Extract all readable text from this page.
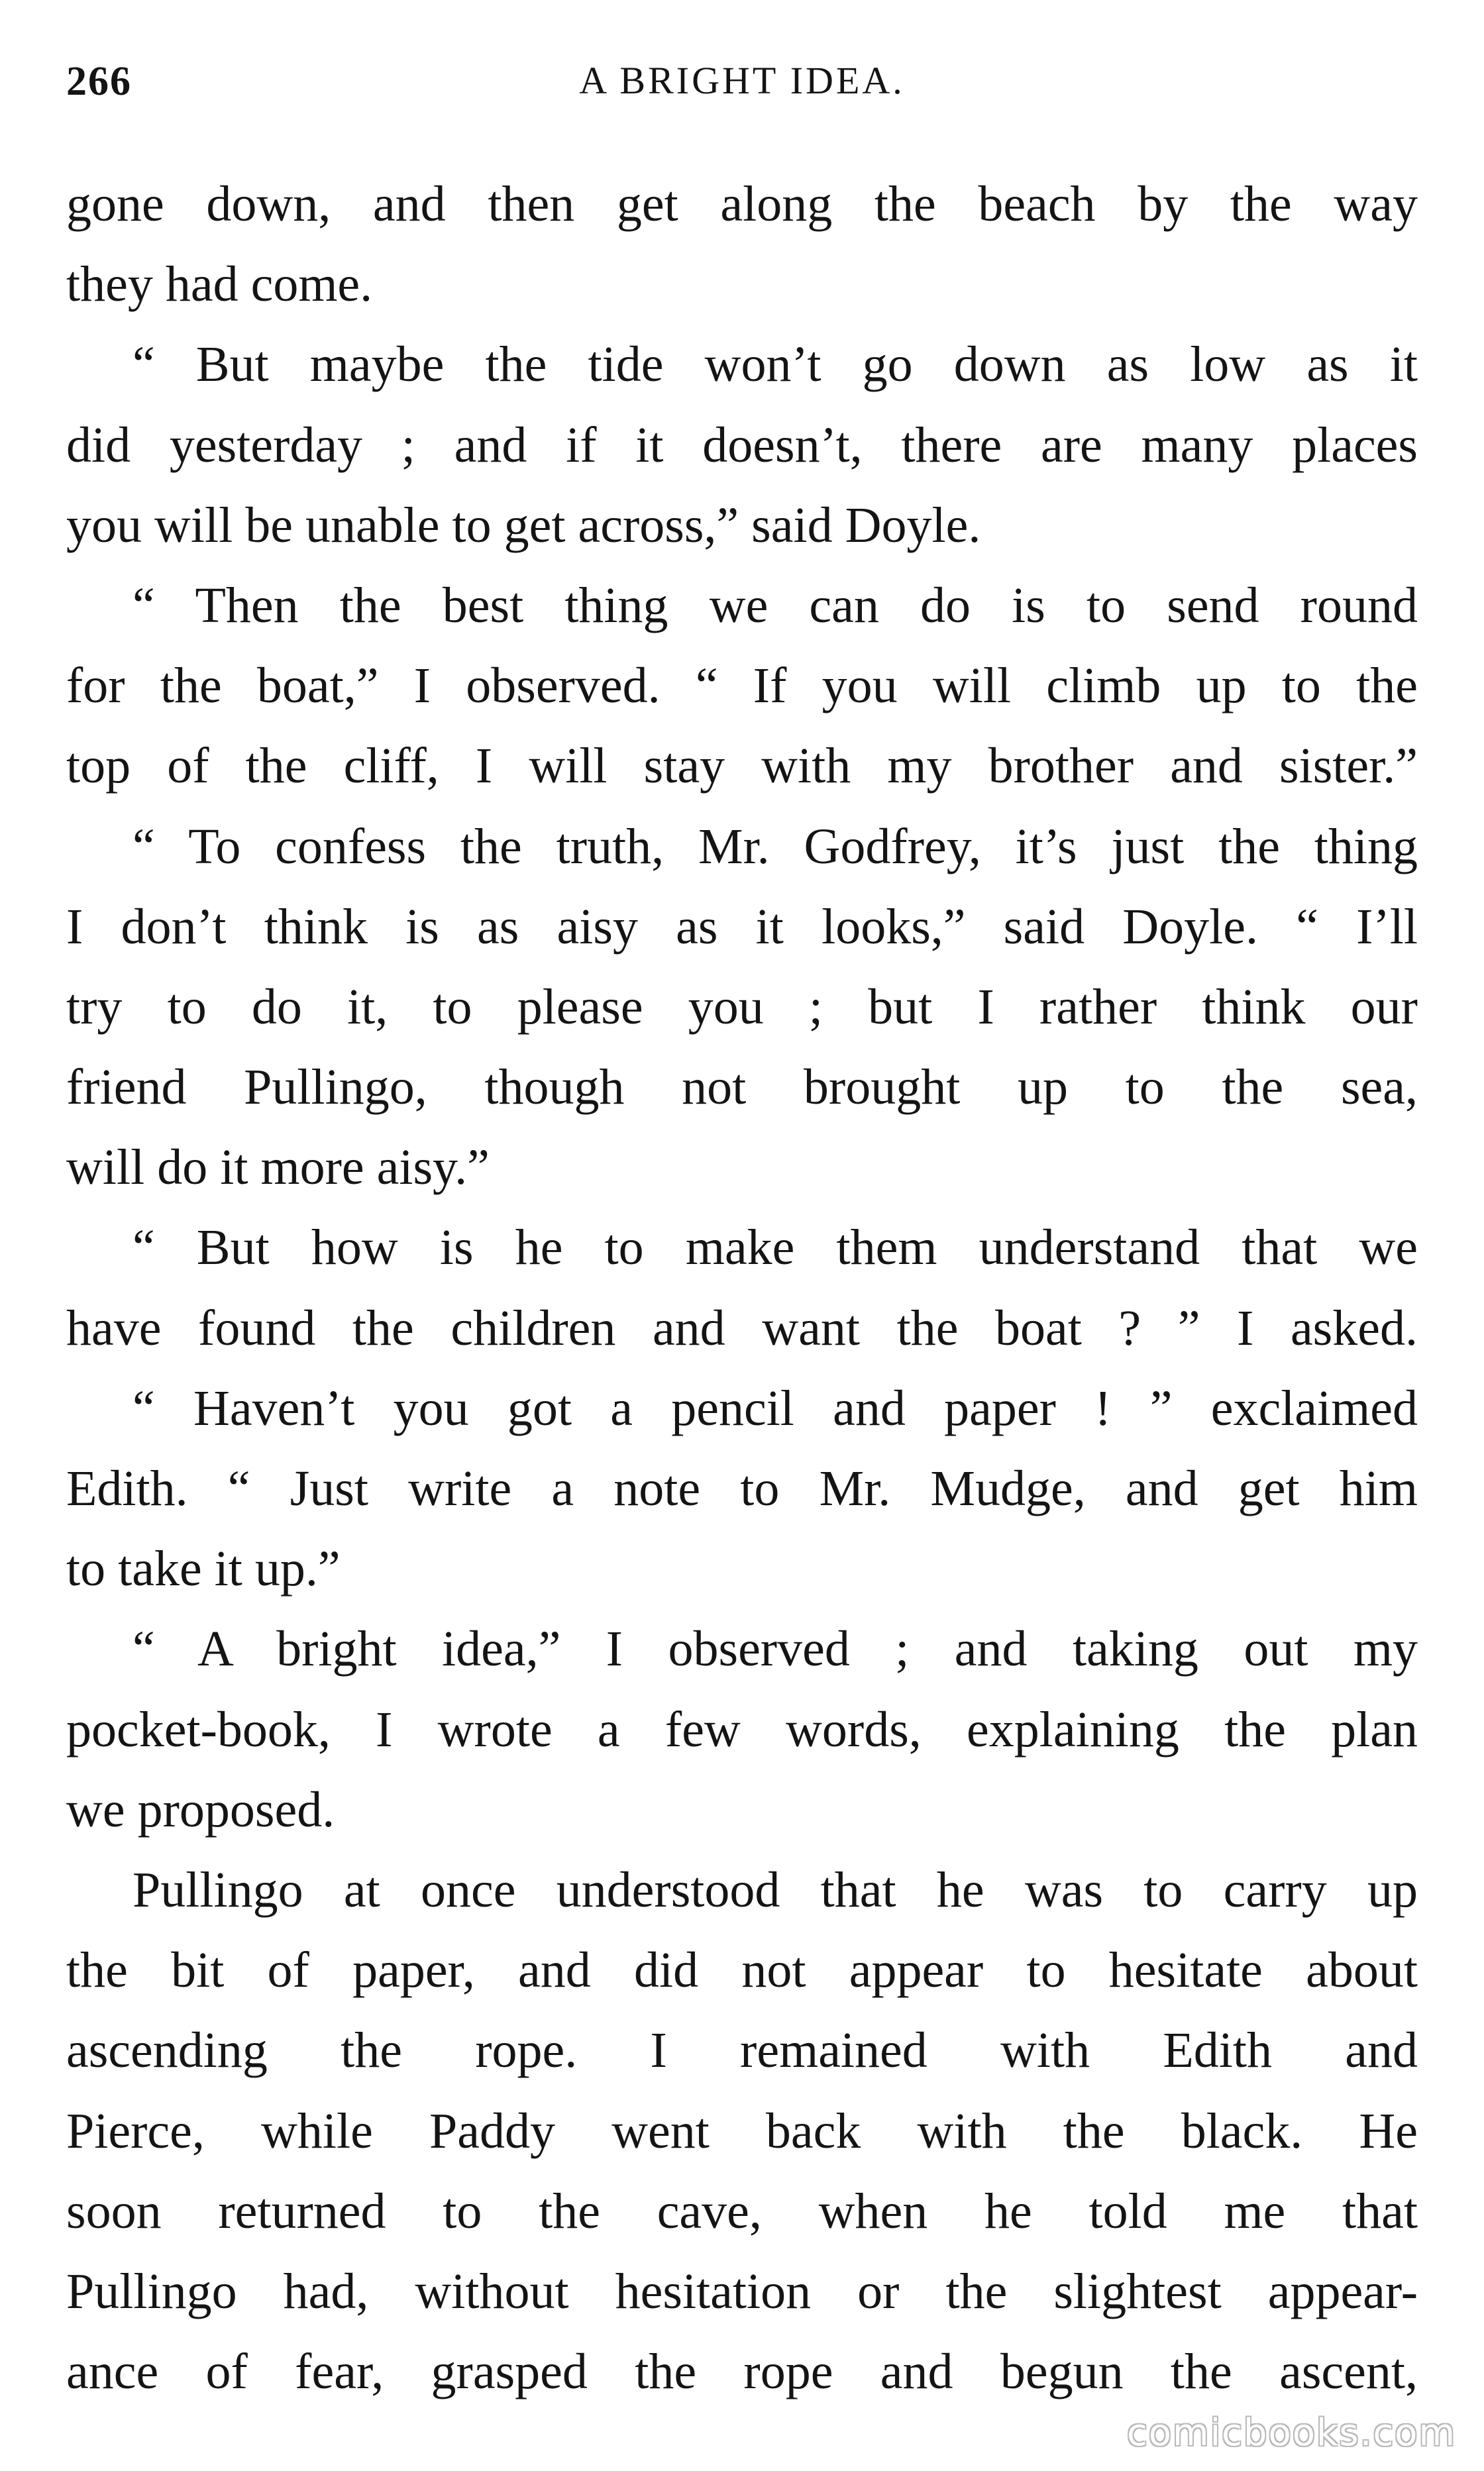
266	A BRIGHT IDEA.
gone down, and then get along the beach by the way
they had come.
“ But maybe the tide won’t go down as low as it
did yesterday ; and if it doesn’t, there are many places
you will be unable to get across,” said Doyle.
“ Then the best thing we can do is to send round
for the boat,” I observed. “ If you will climb up to the
top of the cliff, I will stay with my brother and sister.”
“ To confess the truth, Mr. Godfrey, it’s just the thing
I don’t think is as aisy as it looks,” said Doyle. “ I’ll
try to do it, to please you ; but I rather think our
friend Pullingo, though not brought up to the sea,
will do it more aisy.”
“ But how is he to make them understand that we
have found the children and want the boat ? ” I asked.
“ Haven’t you got a pencil and paper ! ” exclaimed
Edith. “ Just write a note to Mr. Mudge, and get him
to take it up.”
“ A bright idea,” I observed ; and taking out my
pocket-book, I wrote a few words, explaining the plan
we proposed.
Pullingo at once understood that he was to carry up
the bit of paper, and did not appear to hesitate about
ascending the rope. I remained with Edith and
Pierce, while Paddy went back with the black. He
soon returned to the cave, when he told me that
Pullingo had, without hesitation or the slightest appear-
ance of fear, grasped the rope and begun the ascent,
comicbooks.com
